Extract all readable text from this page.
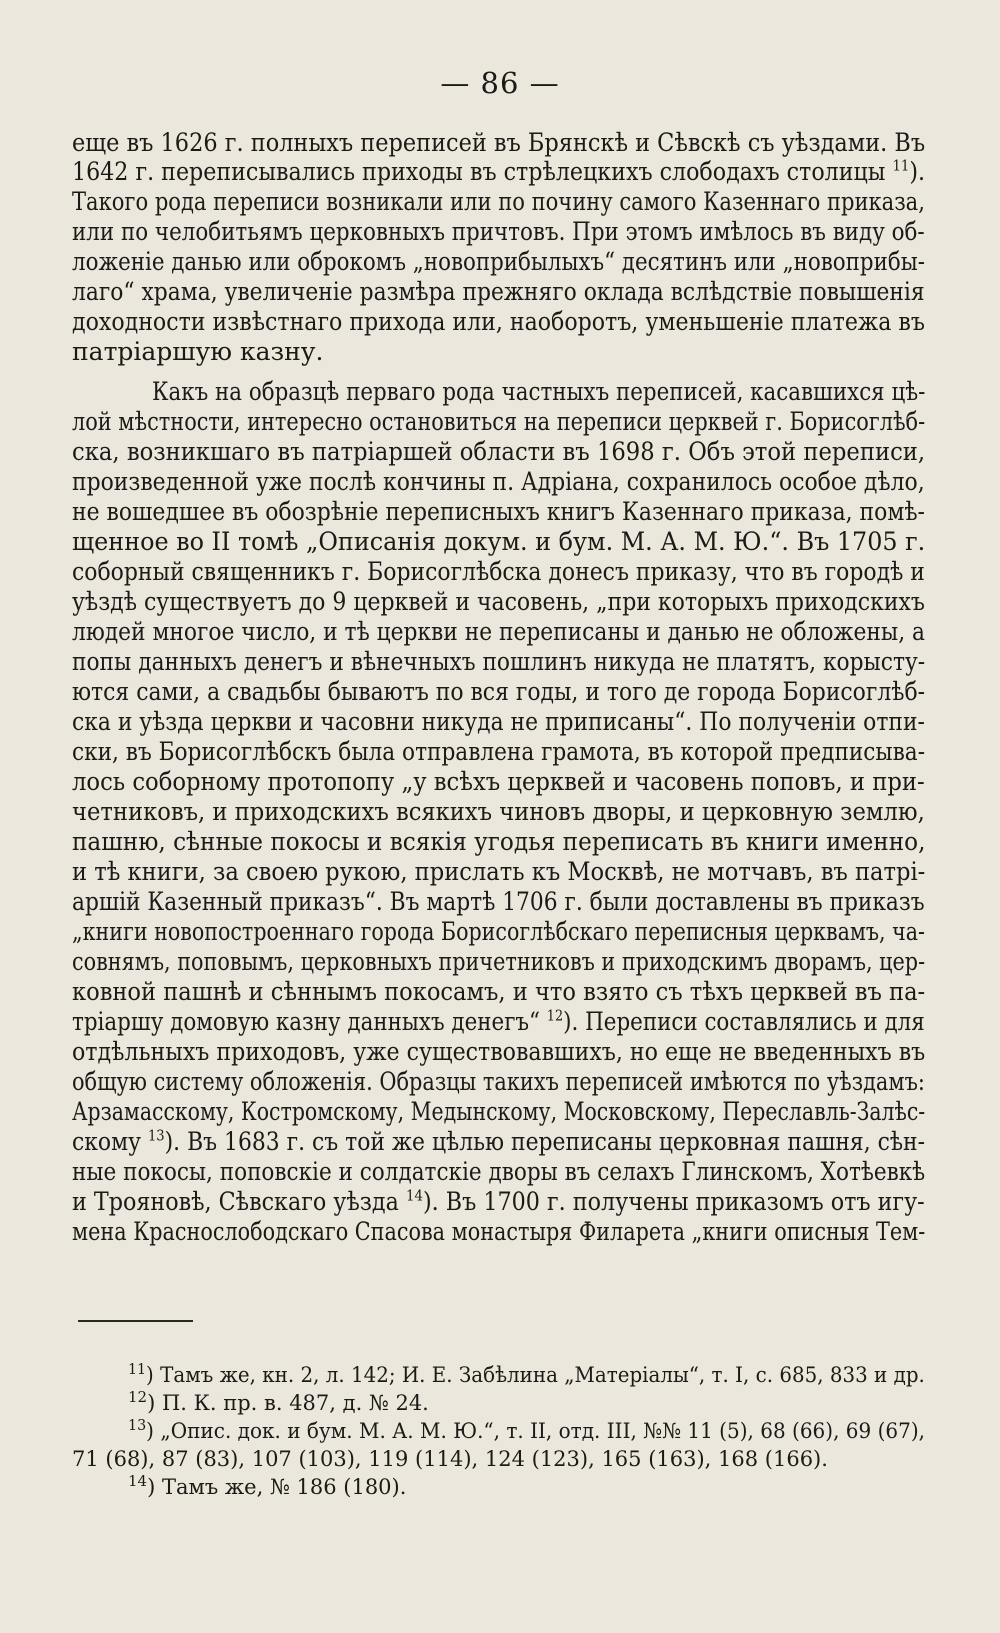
— 86 —
еще въ 1626 г. полныхъ переписей въ Брянскѣ и Сѣвскѣ съ уѣздами. Въ
1642 г. переписывались приходы въ стрѣлецкихъ слободахъ столицы $^{11}$).
Такого рода переписи возникали или по почину самого Казеннаго приказа,
или по челобитьямъ церковныхъ причтовъ. При этомъ имѣлось въ виду об-
ложеніе данью или оброкомъ „новоприбылыхъ“ десятинъ или „новоприбы-
лаго“ храма, увеличеніе размѣра прежняго оклада вслѣдствіе повышенія
доходности извѣстнаго прихода или, наоборотъ, уменьшеніе платежа въ
патріаршую казну.
Какъ на образцѣ перваго рода частныхъ переписей, касавшихся цѣ-
лой мѣстности, интересно остановиться на переписи церквей г. Борисоглѣб-
ска, возникшаго въ патріаршей области въ 1698 г. Объ этой переписи,
произведенной уже послѣ кончины п. Адріана, сохранилось особое дѣло,
не вошедшее въ обозрѣніе переписныхъ книгъ Казеннаго приказа, помѣ-
щенное во II томѣ „Описанія докум. и бум. М. А. М. Ю.“. Въ 1705 г.
соборный священникъ г. Борисоглѣбска донесъ приказу, что въ городѣ и
уѣздѣ существуетъ до 9 церквей и часовень, „при которыхъ приходскихъ
людей многое число, и тѣ церкви не переписаны и данью не обложены, а
попы данныхъ денегъ и вѣнечныхъ пошлинъ никуда не платятъ, корысту-
ются сами, а свадьбы бываютъ по вся годы, и того де города Борисоглѣб-
ска и уѣзда церкви и часовни никуда не приписаны“. По полученіи отпи-
ски, въ Борисоглѣбскъ была отправлена грамота, въ которой предписыва-
лось соборному протопопу „у всѣхъ церквей и часовень поповъ, и при-
четниковъ, и приходскихъ всякихъ чиновъ дворы, и церковную землю,
пашню, сѣнные покосы и всякія угодья переписать въ книги именно,
и тѣ книги, за своею рукою, прислать къ Москвѣ, не мотчавъ, въ патрі-
аршій Казенный приказъ“. Въ мартѣ 1706 г. были доставлены въ приказъ
„книги новопостроеннаго города Борисоглѣбскаго переписныя церквамъ, ча-
совнямъ, поповымъ, церковныхъ причетниковъ и приходскимъ дворамъ, цер-
ковной пашнѣ и сѣннымъ покосамъ, и что взято съ тѣхъ церквей въ па-
тріаршу домовую казну данныхъ денегъ“ $^{12}$). Переписи составлялись и для
отдѣльныхъ приходовъ, уже существовавшихъ, но еще не введенныхъ въ
общую систему обложенія. Образцы такихъ переписей имѣются по уѣздамъ:
Арзамасскому, Костромскому, Медынскому, Московскому, Переславль-Залѣс-
скому $^{13}$). Въ 1683 г. съ той же цѣлью переписаны церковная пашня, сѣн-
ные покосы, поповскіе и солдатскіе дворы въ селахъ Глинскомъ, Хотѣевкѣ
и Трояновѣ, Сѣвскаго уѣзда $^{14}$). Въ 1700 г. получены приказомъ отъ игу-
мена Краснослободскаго Спасова монастыря Филарета „книги описныя Тем-
$^{11}$) Тамъ же, кн. 2, л. 142; И. Е. Забѣлина „Матеріалы“, т. I, с. 685, 833 и др.
$^{12}$) П. К. пр. в. 487, д. № 24.
$^{13}$) „Опис. док. и бум. М. А. М. Ю.“, т. II, отд. III, №№ 11 (5), 68 (66), 69 (67),
71 (68), 87 (83), 107 (103), 119 (114), 124 (123), 165 (163), 168 (166).
$^{14}$) Тамъ же, № 186 (180).
